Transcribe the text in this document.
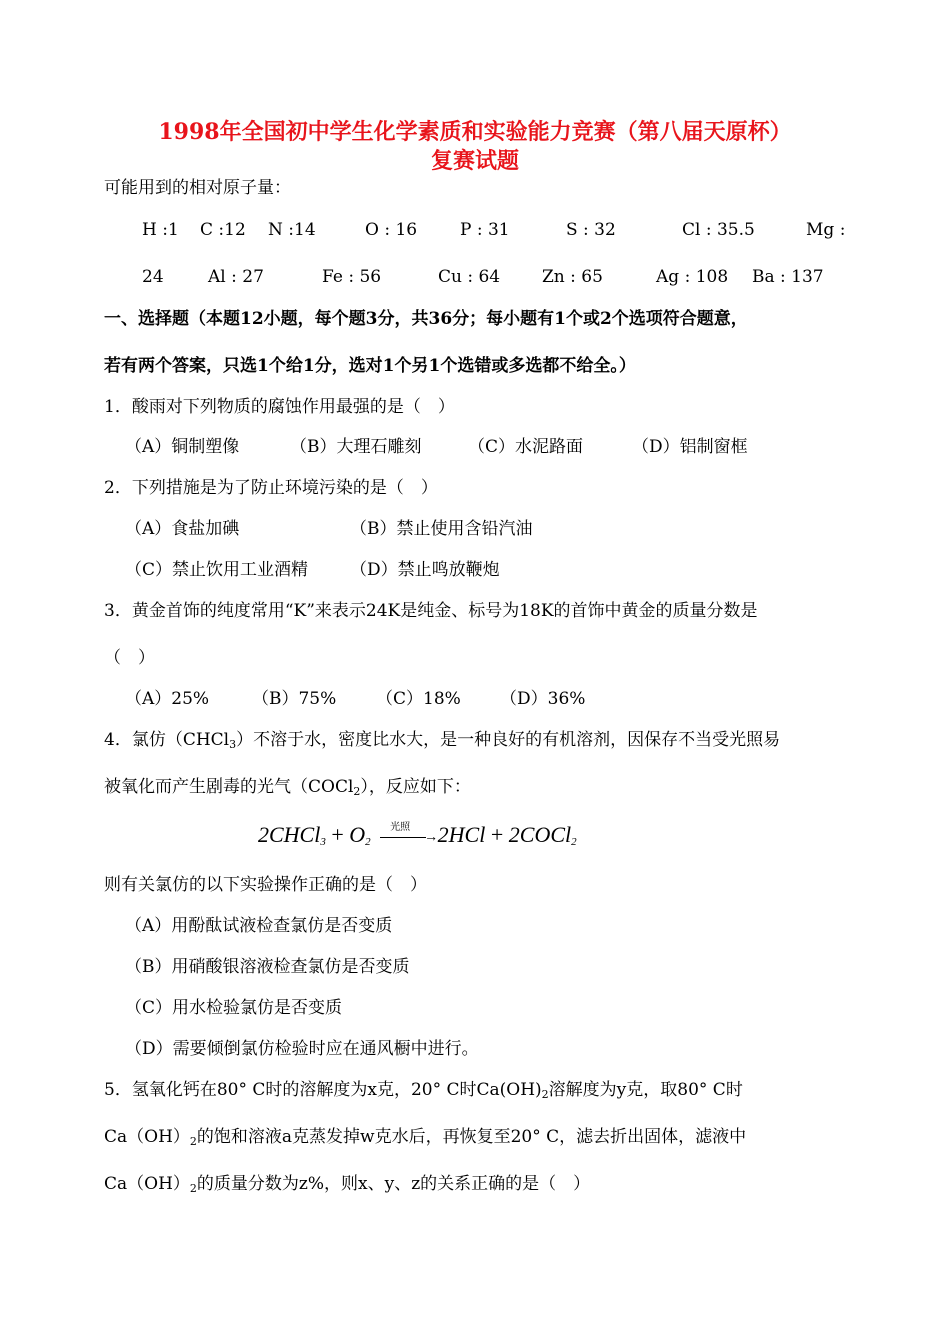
1998年全国初中学生化学素质和实验能力竞赛（第八届天原杯）
复赛试题
可能用到的相对原子量：
H :1 C :12 N :14	O : 16	P : 31	S : 32	Cl : 35.5	Mg :
24	Al : 27	Fe : 56	Cu : 64 Zn : 65	Ag : 108 Ba : 137
一、选择题（本题12小题，每个题3分，共36分；每小题有1个或2个选项符合题意，
若有两个答案，只选1个给1分，选对1个另1个选错或多选都不给全。）
1．酸雨对下列物质的腐蚀作用最强的是（　）
（A）铜制塑像	（B）大理石雕刻	（C）水泥路面	（D）铝制窗框
2．下列措施是为了防止环境污染的是（　）
（A）食盐加碘	（B）禁止使用含铅汽油
（C）禁止饮用工业酒精 （D）禁止鸣放鞭炮
3．黄金首饰的纯度常用“K”来表示24K是纯金、标号为18K的首饰中黄金的质量分数是
（　）
（A）25%	（B）75% （C）18% （D）36%
4．氯仿（CHCl$_3$）不溶于水，密度比水大，是一种良好的有机溶剂，因保存不当受光照易
被氧化而产生剧毒的光气（COCl$_2$），反应如下：
2CHCl$_3$ + $O_2$
光照
→ 2HCl + 2COCl$_2$
则有关氯仿的以下实验操作正确的是（　）
（A）用酚酞试液检查氯仿是否变质
（B）用硝酸银溶液检查氯仿是否变质
（C）用水检验氯仿是否变质
（D）需要倾倒氯仿检验时应在通风橱中进行。
5．氢氧化钙在80° C时的溶解度为x克，20° C时$Ca(OH)_2$溶解度为y克，取80° C时
$Ca(OH)_2$的饱和溶液a克蒸发掉w克水后，再恢复至20° C，滤去折出固体，滤液中
$Ca(OH)_2$的质量分数为z%，则x、y、z的关系正确的是（　）
